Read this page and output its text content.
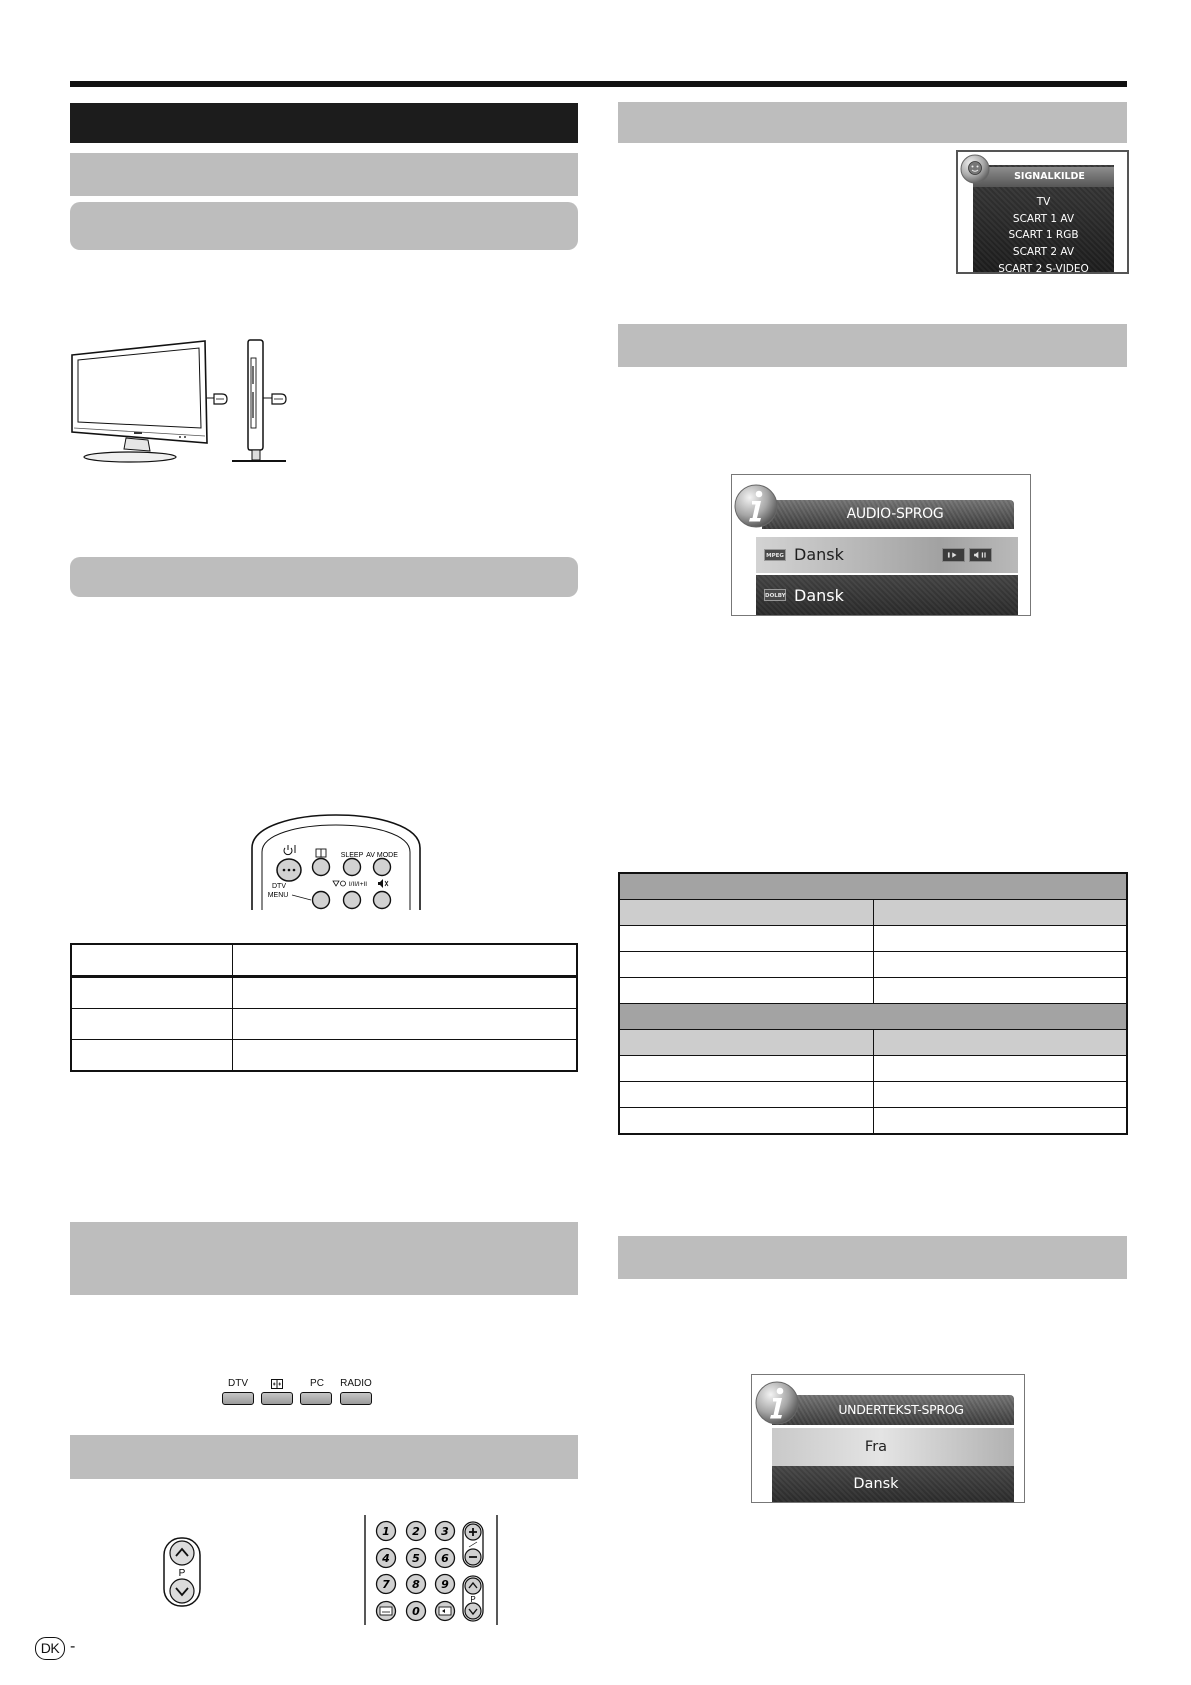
SLEEP AV MODE
DTV
MENU
I/II/I+II

DTV	PC	RADIO
P
1 2 3
4 5 6
7 8 9
0
P
DK -
SIGNALKILDE
TV
SCART 1 AV
SCART 1 RGB
SCART 2 AV
SCART 2 S-VIDEO
AUDIO-SPROG
MPEG Dansk
DOLBY Dansk

UNDERTEKST-SPROG
Fra
Dansk
